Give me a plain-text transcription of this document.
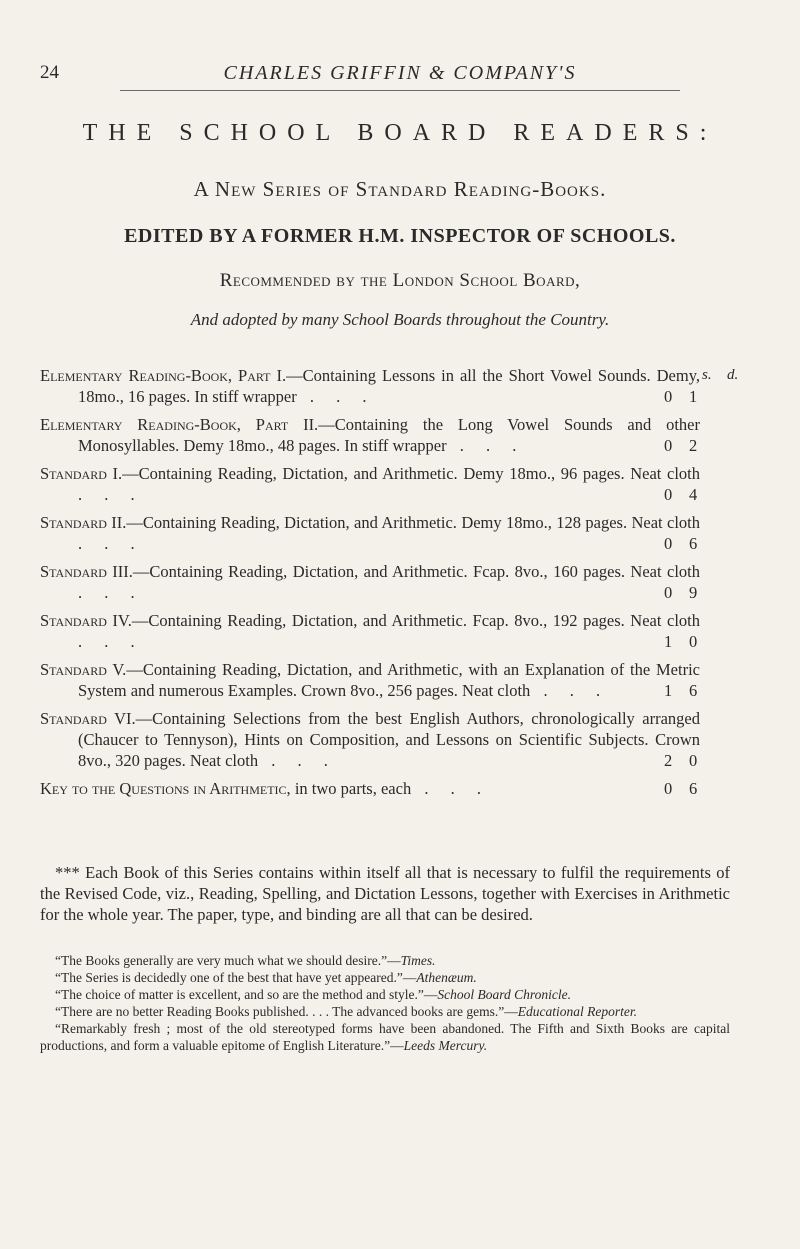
24	CHARLES GRIFFIN & COMPANY'S
THE SCHOOL BOARD READERS:
A New Series of Standard Reading-Books.
EDITED BY A FORMER H.M. INSPECTOR OF SCHOOLS.
Recommended by the London School Board,
And adopted by many School Boards throughout the Country.
s. d.
Elementary Reading-Book, Part I.—Containing Lessons in all the Short Vowel Sounds. Demy, 18mo., 16 pages. In stiff wrapper . . .	0	1
Elementary Reading-Book, Part II.—Containing the Long Vowel Sounds and other Monosyllables. Demy 18mo., 48 pages. In stiff wrapper . . .	0	2
Standard I.—Containing Reading, Dictation, and Arithmetic. Demy 18mo., 96 pages. Neat cloth . . .	0	4
Standard II.—Containing Reading, Dictation, and Arithmetic. Demy 18mo., 128 pages. Neat cloth . . .	0	6
Standard III.—Containing Reading, Dictation, and Arithmetic. Fcap. 8vo., 160 pages. Neat cloth . . .	0	9
Standard IV.—Containing Reading, Dictation, and Arithmetic. Fcap. 8vo., 192 pages. Neat cloth . . .	1	0
Standard V.—Containing Reading, Dictation, and Arithmetic, with an Explanation of the Metric System and numerous Examples. Crown 8vo., 256 pages. Neat cloth . . .	1	6
Standard VI.—Containing Selections from the best English Authors, chronologically arranged (Chaucer to Tennyson), Hints on Composition, and Lessons on Scientific Subjects. Crown 8vo., 320 pages. Neat cloth . . .	2	0
Key to the Questions in Arithmetic, in two parts, each . . .	0	6
*** Each Book of this Series contains within itself all that is necessary to fulfil the requirements of the Revised Code, viz., Reading, Spelling, and Dictation Lessons, together with Exercises in Arithmetic for the whole year. The paper, type, and binding are all that can be desired.

“The Books generally are very much what we should desire.”—Times.

“The Series is decidedly one of the best that have yet appeared.”—Athenæum.

“The choice of matter is excellent, and so are the method and style.”—School Board Chronicle.

“There are no better Reading Books published. . . . The advanced books are gems.”—Educational Reporter.

“Remarkably fresh ; most of the old stereotyped forms have been abandoned. The Fifth and Sixth Books are capital productions, and form a valuable epitome of English Literature.”—Leeds Mercury.
